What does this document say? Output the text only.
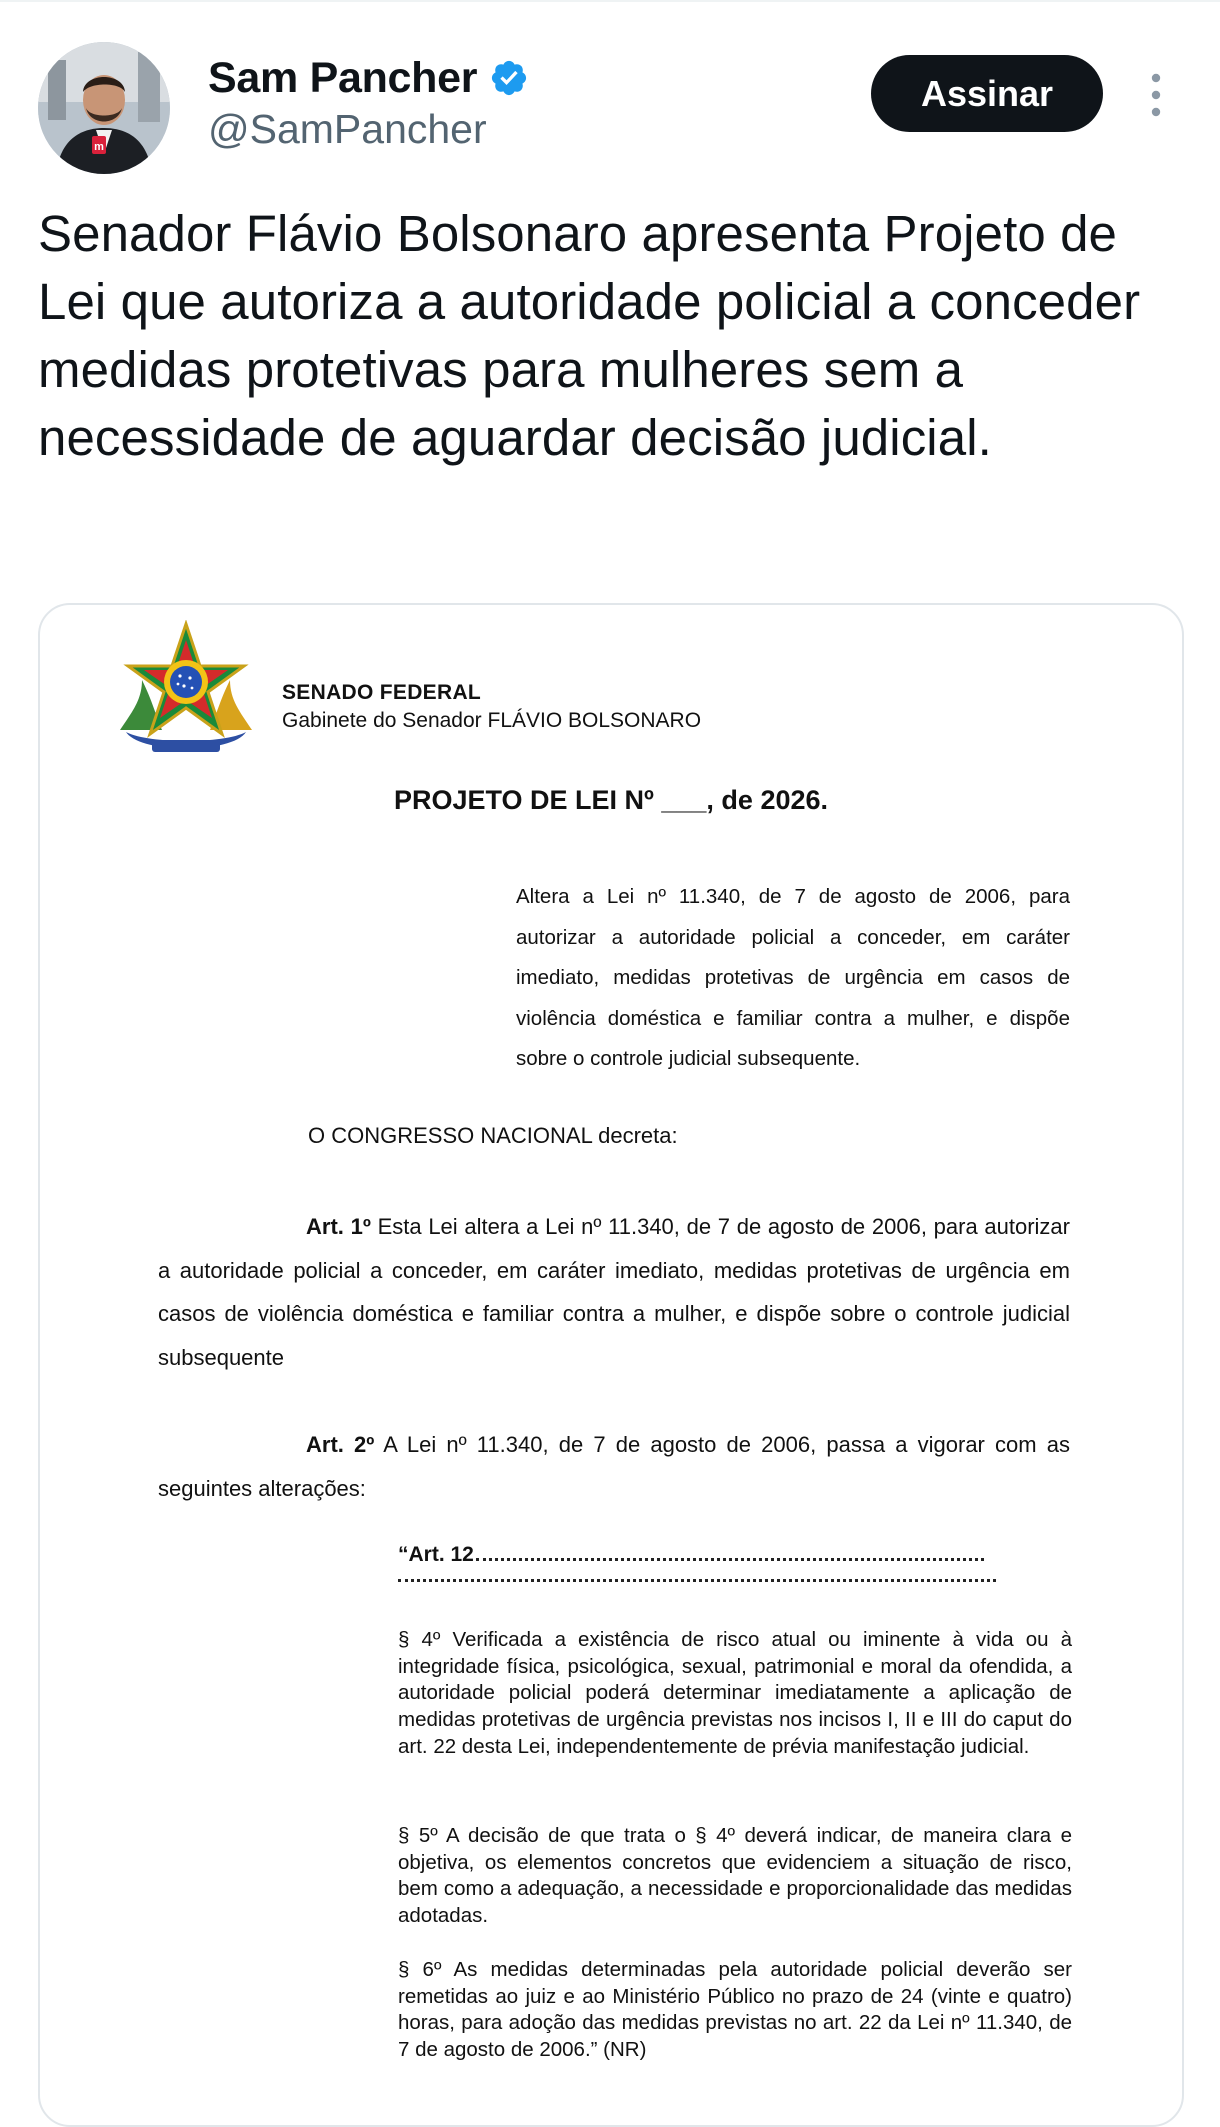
m
Sam Pancher
@SamPancher
Assinar
Senador Flávio Bolsonaro apresenta Projeto de Lei que autoriza a autoridade policial a conceder medidas protetivas para mulheres sem a necessidade de aguardar decisão judicial.
SENADO FEDERAL
Gabinete do Senador FLÁVIO BOLSONARO
PROJETO DE LEI Nº ___, de 2026.
Altera a Lei nº 11.340, de 7 de agosto de 2006, para autorizar a autoridade policial a conceder, em caráter imediato, medidas protetivas de urgência em casos de violência doméstica e familiar contra a mulher, e dispõe sobre o controle judicial subsequente.
O CONGRESSO NACIONAL decreta:
Art. 1º Esta Lei altera a Lei nº 11.340, de 7 de agosto de 2006, para autorizar a autoridade policial a conceder, em caráter imediato, medidas protetivas de urgência em casos de violência doméstica e familiar contra a mulher, e dispõe sobre o controle judicial subsequente
Art. 2º A Lei nº 11.340, de 7 de agosto de 2006, passa a vigorar com as seguintes alterações:
“Art. 12
§ 4º Verificada a existência de risco atual ou iminente à vida ou à integridade física, psicológica, sexual, patrimonial e moral da ofendida, a autoridade policial poderá determinar imediatamente a aplicação de medidas protetivas de urgência previstas nos incisos I, II e III do caput do art. 22 desta Lei, independentemente de prévia manifestação judicial.
§ 5º A decisão de que trata o § 4º deverá indicar, de maneira clara e objetiva, os elementos concretos que evidenciem a situação de risco, bem como a adequação, a necessidade e proporcionalidade das medidas adotadas.
§ 6º As medidas determinadas pela autoridade policial deverão ser remetidas ao juiz e ao Ministério Público no prazo de 24 (vinte e quatro) horas, para adoção das medidas previstas no art. 22 da Lei nº 11.340, de 7 de agosto de 2006.” (NR)
